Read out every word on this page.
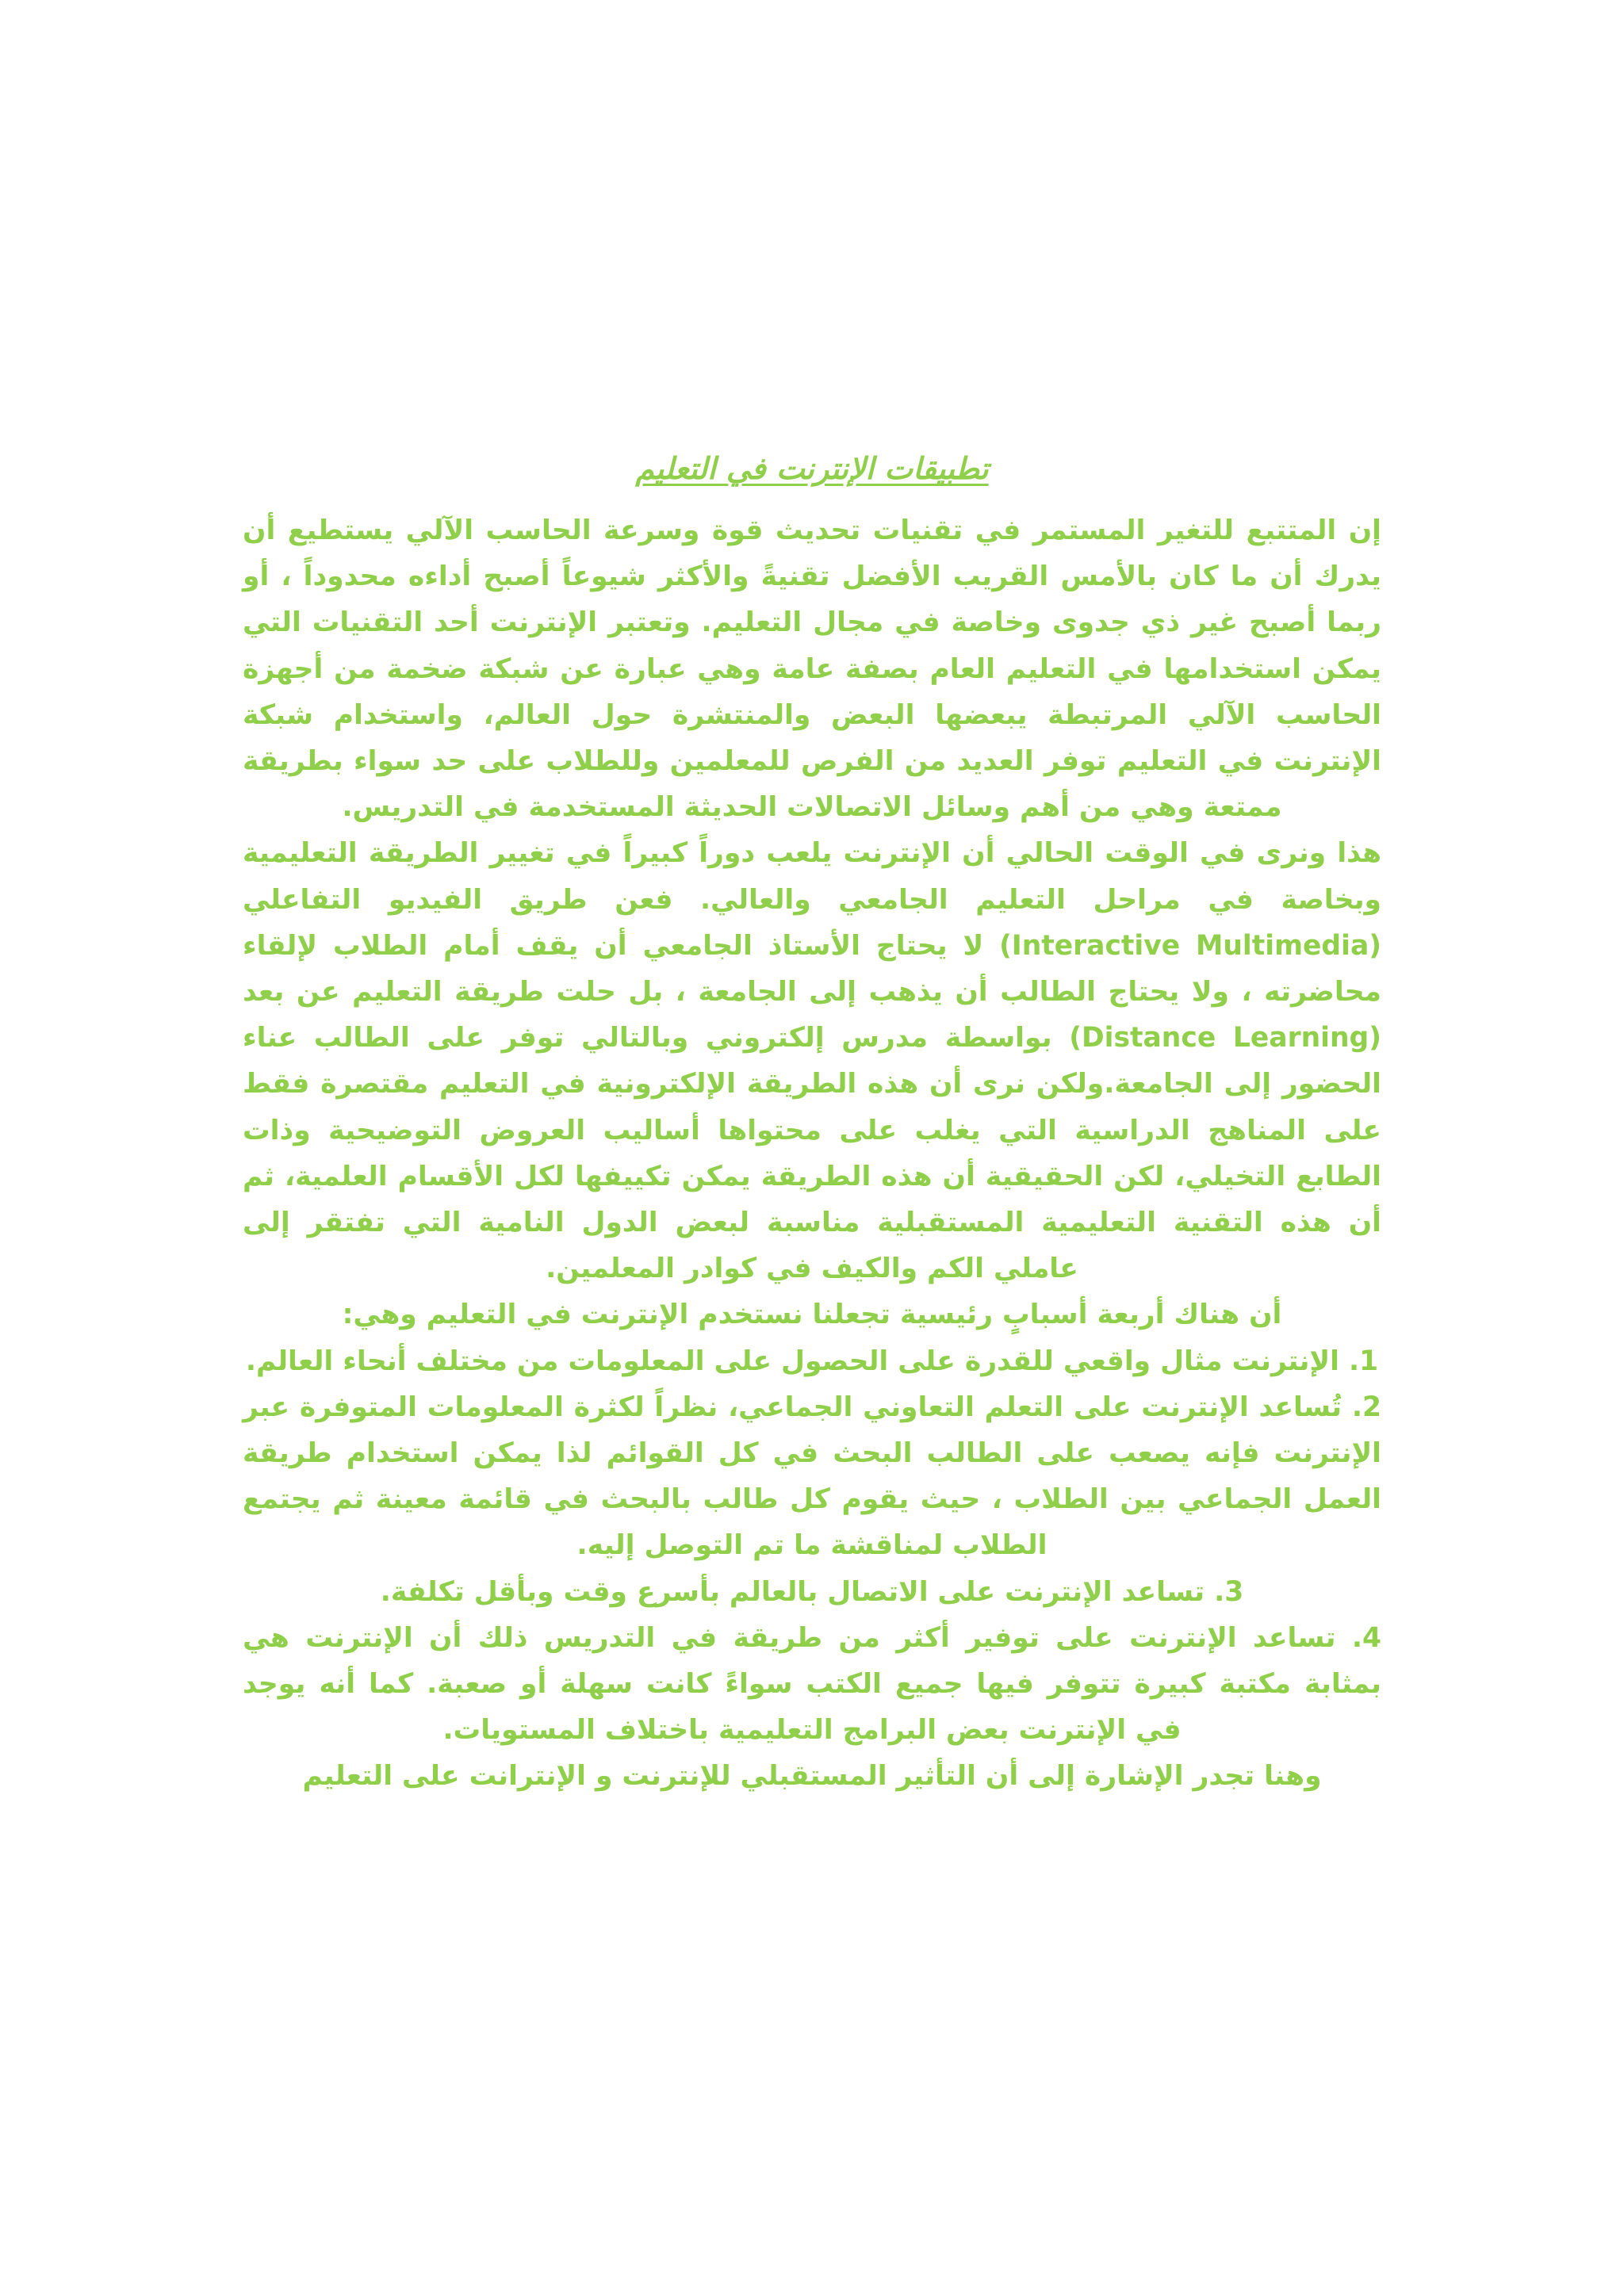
تطبيقات الإنترنت في التعليم

إن المتتبع للتغير المستمر في تقنيات تحديث قوة وسرعة الحاسب الآلي يستطيع أن يدرك أن ما كان بالأمس القريب الأفضل تقنيةً والأكثر شيوعاً أصبح أداءه محدوداً ، أو ربما أصبح غير ذي جدوى وخاصة في مجال التعليم. وتعتبر الإنترنت أحد التقنيات التي يمكن استخدامها في التعليم العام بصفة عامة وهي عبارة عن شبكة ضخمة من أجهزة الحاسب الآلي المرتبطة يبعضها البعض والمنتشرة حول العالم، واستخدام شبكة الإنترنت في التعليم توفر العديد من الفرص للمعلمين وللطلاب على حد سواء بطريقة ممتعة وهي من أهم وسائل الاتصالات الحديثة المستخدمة في التدريس.

هذا ونرى في الوقت الحالي أن الإنترنت يلعب دوراً كبيراً في تغيير الطريقة التعليمية وبخاصة في مراحل التعليم الجامعي والعالي. فعن طريق الفيديو التفاعلي (Interactive Multimedia) لا يحتاج الأستاذ الجامعي أن يقف أمام الطلاب لإلقاء محاضرته ، ولا يحتاج الطالب أن يذهب إلى الجامعة ، بل حلت طريقة التعليم عن بعد (Distance Learning) بواسطة مدرس إلكتروني وبالتالي توفر على الطالب عناء الحضور إلى الجامعة.ولكن نرى أن هذه الطريقة الإلكترونية في التعليم مقتصرة فقط على المناهج الدراسية التي يغلب على محتواها أساليب العروض التوضيحية وذات الطابع التخيلي، لكن الحقيقية أن هذه الطريقة يمكن تكييفها لكل الأقسام العلمية، ثم أن هذه التقنية التعليمية المستقبلية مناسبة لبعض الدول النامية التي تفتقر إلى عاملي الكم والكيف في كوادر المعلمين.

أن هناك أربعة أسبابٍ رئيسية تجعلنا نستخدم الإنترنت في التعليم وهي:

1. الإنترنت مثال واقعي للقدرة على الحصول على المعلومات من مختلف أنحاء العالم.

2. تُساعد الإنترنت على التعلم التعاوني الجماعي، نظراً لكثرة المعلومات المتوفرة عبر الإنترنت فإنه يصعب على الطالب البحث في كل القوائم لذا يمكن استخدام طريقة العمل الجماعي بين الطلاب ، حيث يقوم كل طالب بالبحث في قائمة معينة ثم يجتمع الطلاب لمناقشة ما تم التوصل إليه.

3. تساعد الإنترنت على الاتصال بالعالم بأسرع وقت وبأقل تكلفة.

4. تساعد الإنترنت على توفير أكثر من طريقة في التدريس ذلك أن الإنترنت هي بمثابة مكتبة كبيرة تتوفر فيها جميع الكتب سواءً كانت سهلة أو صعبة. كما أنه يوجد في الإنترنت بعض البرامج التعليمية باختلاف المستويات.

وهنا تجدر الإشارة إلى أن التأثير المستقبلي للإنترنت و الإنترانت على التعليم
